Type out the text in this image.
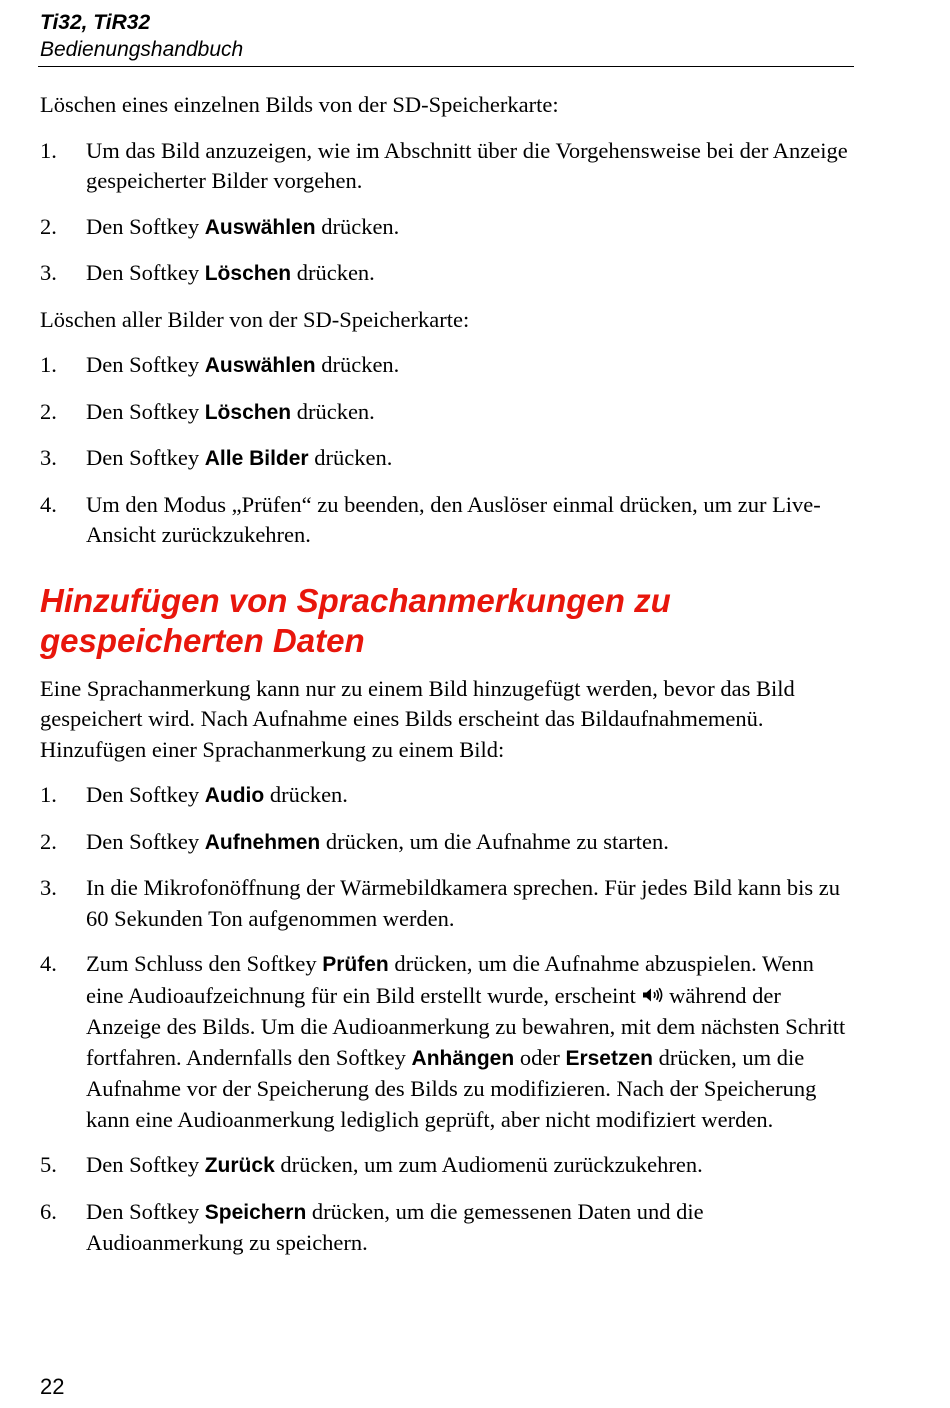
Ti32, TiR32

Bedienungshandbuch

Löschen eines einzelnen Bilds von der SD-Speicherkarte:

1. Um das Bild anzuzeigen, wie im Abschnitt über die Vorgehensweise bei der Anzeige gespeicherter Bilder vorgehen.
2. Den Softkey Auswählen drücken.
3. Den Softkey Löschen drücken.

Löschen aller Bilder von der SD-Speicherkarte:

1. Den Softkey Auswählen drücken.
2. Den Softkey Löschen drücken.
3. Den Softkey Alle Bilder drücken.
4. Um den Modus „Prüfen“ zu beenden, den Auslöser einmal drücken, um zur Live-Ansicht zurückzukehren.
Hinzufügen von Sprachanmerkungen zu gespeicherten Daten

Eine Sprachanmerkung kann nur zu einem Bild hinzugefügt werden, bevor das Bild gespeichert wird. Nach Aufnahme eines Bilds erscheint das Bildaufnahmemenü. Hinzufügen einer Sprachanmerkung zu einem Bild:

1. Den Softkey Audio drücken.
2. Den Softkey Aufnehmen drücken, um die Aufnahme zu starten.
3. In die Mikrofonöffnung der Wärmebildkamera sprechen. Für jedes Bild kann bis zu 60 Sekunden Ton aufgenommen werden.
4. Zum Schluss den Softkey Prüfen drücken, um die Aufnahme abzuspielen. Wenn eine Audioaufzeichnung für ein Bild erstellt wurde, erscheint  während der Anzeige des Bilds. Um die Audioanmerkung zu bewahren, mit dem nächsten Schritt fortfahren. Andernfalls den Softkey Anhängen oder Ersetzen drücken, um die Aufnahme vor der Speicherung des Bilds zu modifizieren. Nach der Speicherung kann eine Audioanmerkung lediglich geprüft, aber nicht modifiziert werden.
5. Den Softkey Zurück drücken, um zum Audiomenü zurückzukehren.
6. Den Softkey Speichern drücken, um die gemessenen Daten und die Audioanmerkung zu speichern.

22
